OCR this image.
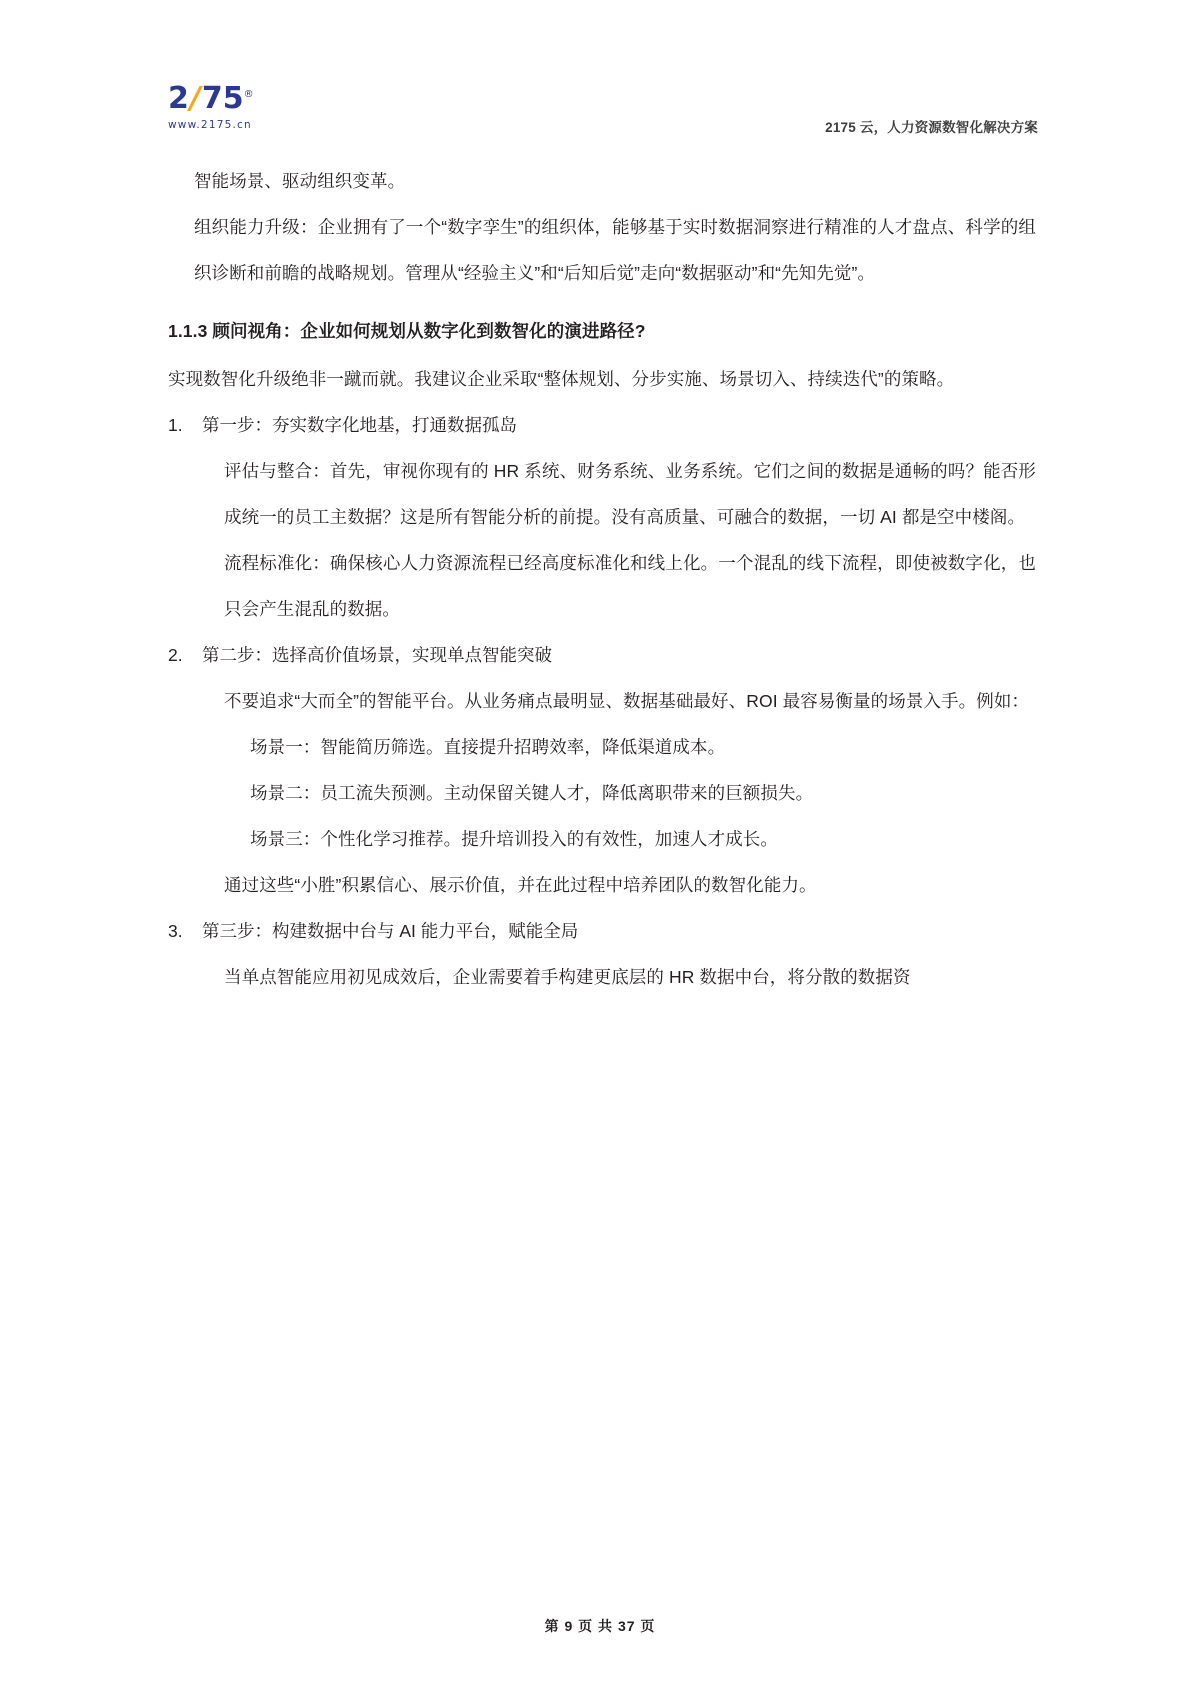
2/75®
www.2175.cn	2175 云，人力资源数智化解决方案

智能场景、驱动组织变革。

组织能力升级：企业拥有了一个“数字孪生”的组织体，能够基于实时数据洞察进行精准的人才盘点、科学的组织诊断和前瞻的战略规划。管理从“经验主义”和“后知后觉”走向“数据驱动”和“先知先觉”。

1.1.3 顾问视角：企业如何规划从数字化到数智化的演进路径?

实现数智化升级绝非一蹴而就。我建议企业采取“整体规划、分步实施、场景切入、持续迭代”的策略。

1.	第一步：夯实数字化地基，打通数据孤岛

评估与整合：首先，审视你现有的 HR 系统、财务系统、业务系统。它们之间的数据是通畅的吗？能否形成统一的员工主数据？这是所有智能分析的前提。没有高质量、可融合的数据，一切 AI 都是空中楼阁。

流程标准化：确保核心人力资源流程已经高度标准化和线上化。一个混乱的线下流程，即使被数字化，也只会产生混乱的数据。

2.	第二步：选择高价值场景，实现单点智能突破

不要追求“大而全”的智能平台。从业务痛点最明显、数据基础最好、ROI 最容易衡量的场景入手。例如：

场景一：智能简历筛选。直接提升招聘效率，降低渠道成本。

场景二：员工流失预测。主动保留关键人才，降低离职带来的巨额损失。

场景三：个性化学习推荐。提升培训投入的有效性，加速人才成长。

通过这些“小胜”积累信心、展示价值，并在此过程中培养团队的数智化能力。

3.	第三步：构建数据中台与 AI 能力平台，赋能全局

当单点智能应用初见成效后，企业需要着手构建更底层的 HR 数据中台，将分散的数据资

第 9 页 共 37 页
